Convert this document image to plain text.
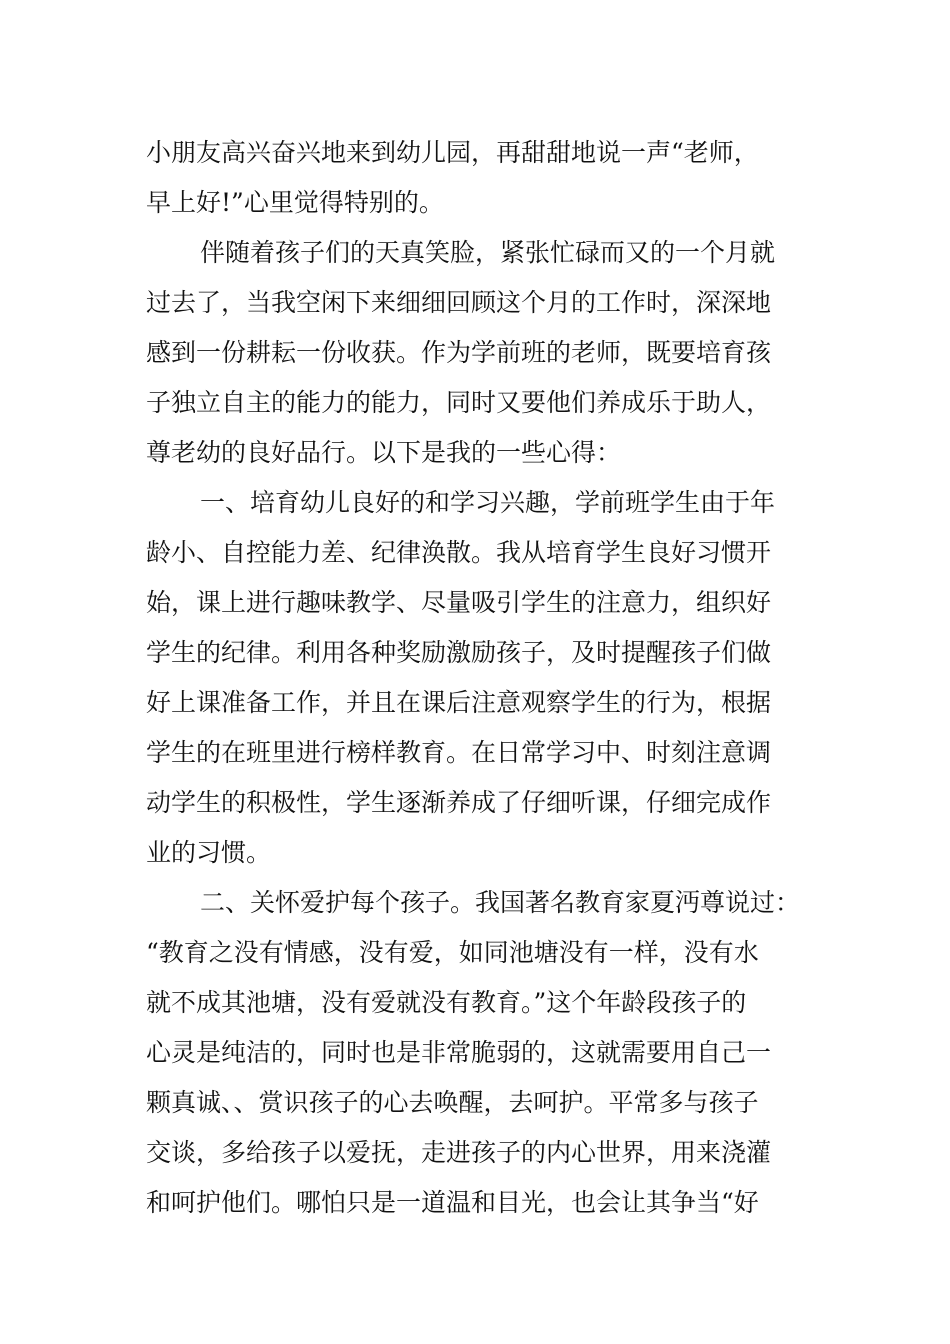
小朋友高兴奋兴地来到幼儿园，再甜甜地说一声“老师，
早上好!”心里觉得特别的。
伴随着孩子们的天真笑脸，紧张忙碌而又的一个月就
过去了，当我空闲下来细细回顾这个月的工作时，深深地
感到一份耕耘一份收获。作为学前班的老师，既要培育孩
子独立自主的能力的能力，同时又要他们养成乐于助人，
尊老幼的良好品行。以下是我的一些心得：
一、培育幼儿良好的和学习兴趣，学前班学生由于年
龄小、自控能力差、纪律涣散。我从培育学生良好习惯开
始，课上进行趣味教学、尽量吸引学生的注意力，组织好
学生的纪律。利用各种奖励激励孩子，及时提醒孩子们做
好上课准备工作，并且在课后注意观察学生的行为，根据
学生的在班里进行榜样教育。在日常学习中、时刻注意调
动学生的积极性，学生逐渐养成了仔细听课，仔细完成作
业的习惯。
二、关怀爱护每个孩子。我国著名教育家夏沔尊说过：
“教育之没有情感，没有爱，如同池塘没有一样，没有水
就不成其池塘，没有爱就没有教育。”这个年龄段孩子的
心灵是纯洁的，同时也是非常脆弱的，这就需要用自己一
颗真诚、、赏识孩子的心去唤醒，去呵护。平常多与孩子
交谈，多给孩子以爱抚，走进孩子的内心世界，用来浇灌
和呵护他们。哪怕只是一道温和目光，也会让其争当“好
